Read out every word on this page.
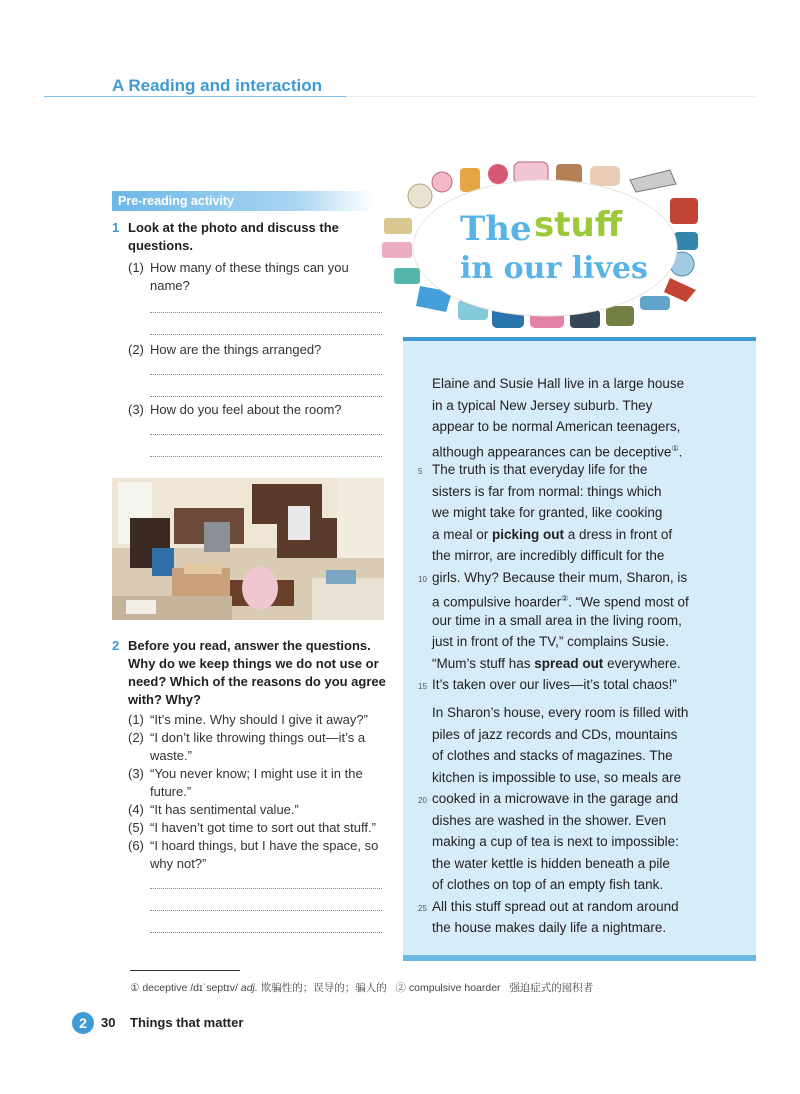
A Reading and interaction
Pre-reading activity
1 Look at the photo and discuss the
questions.
(1) How many of these things can you
name?
(2) How are the things arranged?
(3) How do you feel about the room?
2 Before you read, answer the questions.
Why do we keep things we do not use or
need? Which of the reasons do you agree
with? Why?
(1) “It’s mine. Why should I give it away?”
(2) “I don’t like throwing things out—it’s a
waste.”
(3) “You never know; I might use it in the
future.”
(4) “It has sentimental value.”
(5) “I haven’t got time to sort out that stuff.”
(6) “I hoard things, but I have the space, so
why not?”
The stuff
in our lives
Elaine and Susie Hall live in a large house
in a typical New Jersey suburb. They
appear to be normal American teenagers,
although appearances can be deceptive①.
The truth is that everyday life for the
5
sisters is far from normal: things which
we might take for granted, like cooking
a meal or picking out a dress in front of
the mirror, are incredibly difficult for the
girls. Why? Because their mum, Sharon, is
10
a compulsive hoarder②. “We spend most of
our time in a small area in the living room,
just in front of the TV,” complains Susie.
“Mum’s stuff has spread out everywhere.
It’s taken over our lives—it’s total chaos!”
15
In Sharon’s house, every room is filled with
piles of jazz records and CDs, mountains
of clothes and stacks of magazines. The
kitchen is impossible to use, so meals are
cooked in a microwave in the garage and
20
dishes are washed in the shower. Even
making a cup of tea is next to impossible:
the water kettle is hidden beneath a pile
of clothes on top of an empty fish tank.
All this stuff spread out at random around
25
the house makes daily life a nightmare.
① deceptive /dɪˈseptɪv/ adj. 欺骗性的；误导的；骗人的 ② compulsive hoarder 强迫症式的囤积者
2	30 Things that matter
